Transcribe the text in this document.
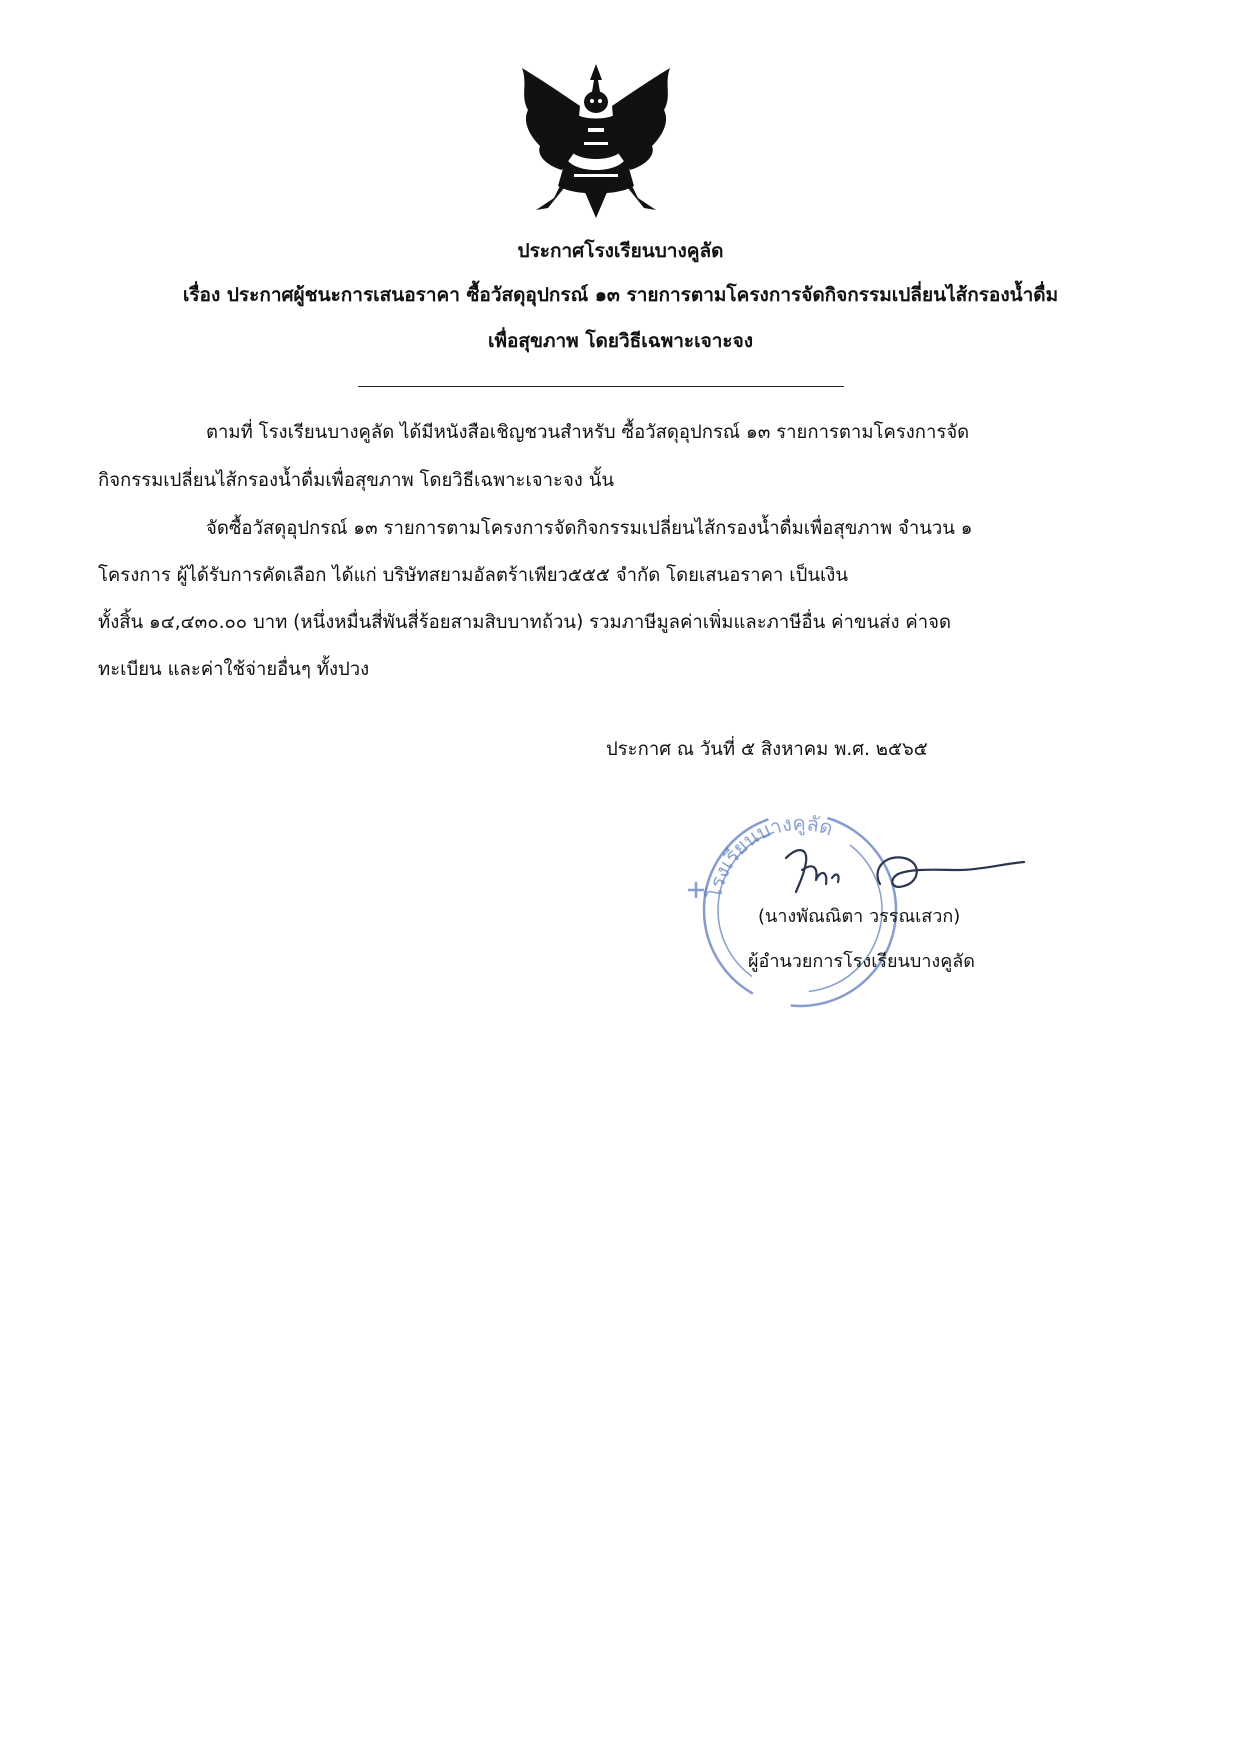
ประกาศโรงเรียนบางคูลัด
เรื่อง ประกาศผู้ชนะการเสนอราคา ซื้อวัสดุอุปกรณ์ ๑๓ รายการตามโครงการจัดกิจกรรมเปลี่ยนไส้กรองน้ำดื่ม
เพื่อสุขภาพ โดยวิธีเฉพาะเจาะจง
ตามที่ โรงเรียนบางคูลัด ได้มีหนังสือเชิญชวนสำหรับ ซื้อวัสดุอุปกรณ์ ๑๓ รายการตามโครงการจัด
กิจกรรมเปลี่ยนไส้กรองน้ำดื่มเพื่อสุขภาพ โดยวิธีเฉพาะเจาะจง นั้น
จัดซื้อวัสดุอุปกรณ์ ๑๓ รายการตามโครงการจัดกิจกรรมเปลี่ยนไส้กรองน้ำดื่มเพื่อสุขภาพ จำนวน ๑
โครงการ ผู้ได้รับการคัดเลือก ได้แก่ บริษัทสยามอัลตร้าเพียว๕๕๕ จำกัด โดยเสนอราคา เป็นเงิน
ทั้งสิ้น ๑๔,๔๓๐.๐๐ บาท (หนึ่งหมื่นสี่พันสี่ร้อยสามสิบบาทถ้วน) รวมภาษีมูลค่าเพิ่มและภาษีอื่น ค่าขนส่ง ค่าจด
ทะเบียน และค่าใช้จ่ายอื่นๆ ทั้งปวง
ประกาศ ณ วันที่ ๕ สิงหาคม พ.ศ. ๒๕๖๕
โรงเรียนบางคูลัด
(นางพัณณิตา วรรณเสวก)
ผู้อำนวยการโรงเรียนบางคูลัด
